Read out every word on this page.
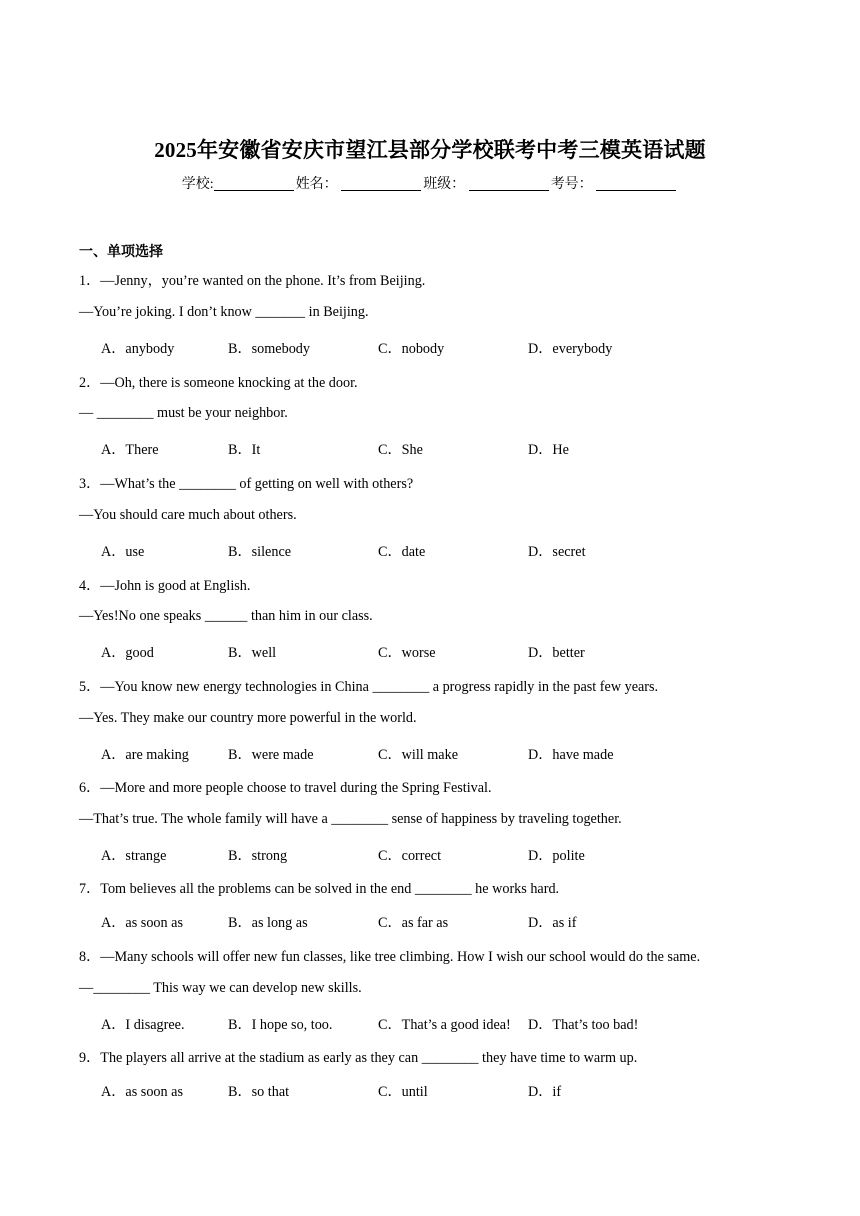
2025年安徽省安庆市望江县部分学校联考中考三模英语试题
学校:	姓名：	班级：	考号：
一、单项选择
1．—Jenny，you’re wanted on the phone. It’s from Beijing.
—You’re joking. I don’t know _______ in Beijing.
A．anybody	B．somebody	C．nobody	D．everybody
2．—Oh, there is someone knocking at the door.
— ________ must be your neighbor.
A．There	B．It	C．She	D．He
3．—What’s the ________ of getting on well with others?
—You should care much about others.
A．use	B．silence	C．date	D．secret
4．—John is good at English.
—Yes!No one speaks ______ than him in our class.
A．good	B．well	C．worse	D．better
5．—You know new energy technologies in China ________ a progress rapidly in the past few years.
—Yes. They make our country more powerful in the world.
A．are making	B．were made	C．will make	D．have made
6．—More and more people choose to travel during the Spring Festival.
—That’s true. The whole family will have a ________ sense of happiness by traveling together.
A．strange	B．strong	C．correct	D．polite
7．Tom believes all the problems can be solved in the end ________ he works hard.
A．as soon as	B．as long as	C．as far as	D．as if
8．—Many schools will offer new fun classes, like tree climbing. How I wish our school would do the same.
—________ This way we can develop new skills.
A．I disagree.	B．I hope so, too.	C．That’s a good idea! D．That’s too bad!
9．The players all arrive at the stadium as early as they can ________ they have time to warm up.
A．as soon as	B．so that	C．until	D．if
